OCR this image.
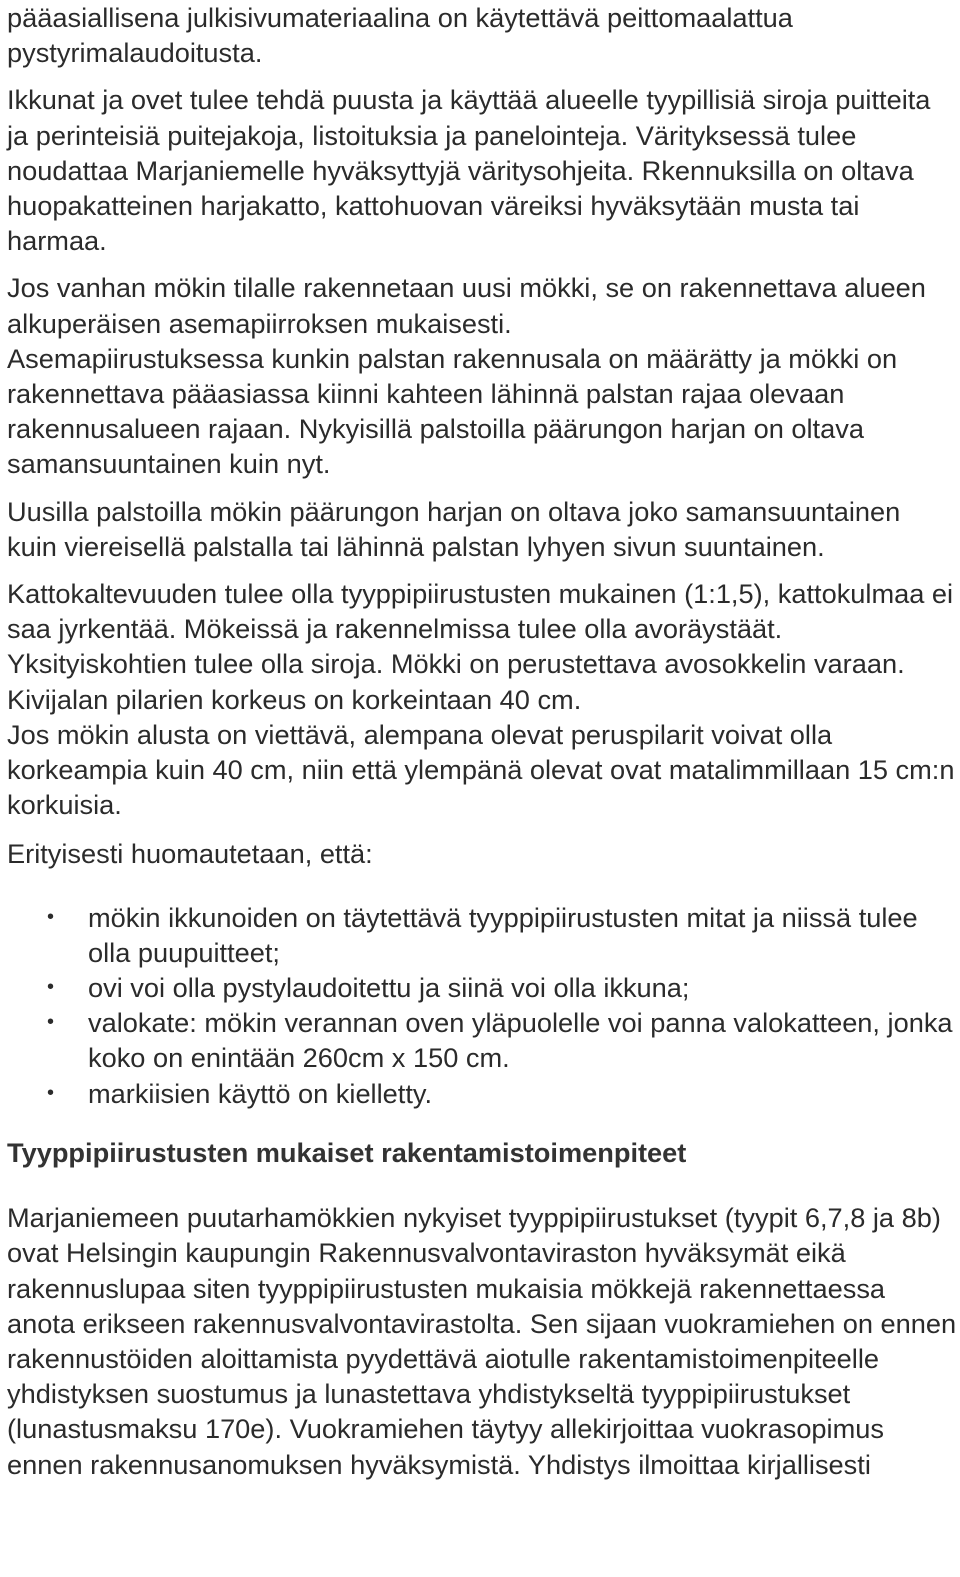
pääasiallisena julkisivumateriaalina on käytettävä peittomaalattua pystyrimalaudoitusta.

Ikkunat ja ovet tulee tehdä puusta ja käyttää alueelle tyypillisiä siroja puitteita ja perinteisiä puitejakoja, listoituksia ja panelointeja. Värityksessä tulee noudattaa Marjaniemelle hyväksyttyjä väritysohjeita. Rkennuksilla on oltava huopakatteinen harjakatto, kattohuovan väreiksi hyväksytään musta tai harmaa.

Jos vanhan mökin tilalle rakennetaan uusi mökki, se on rakennettava alueen alkuperäisen asemapiirroksen mukaisesti.

Asemapiirustuksessa kunkin palstan rakennusala on määrätty ja mökki on rakennettava pääasiassa kiinni kahteen lähinnä palstan rajaa olevaan rakennusalueen rajaan. Nykyisillä palstoilla päärungon harjan on oltava samansuuntainen kuin nyt.

Uusilla palstoilla mökin päärungon harjan on oltava joko samansuuntainen kuin viereisellä palstalla tai lähinnä palstan lyhyen sivun suuntainen.

Kattokaltevuuden tulee olla tyyppipiirustusten mukainen (1:1,5), kattokulmaa ei saa jyrkentää. Mökeissä ja rakennelmissa tulee olla avoräystäät. Yksityiskohtien tulee olla siroja. Mökki on perustettava avosokkelin varaan. Kivijalan pilarien korkeus on korkeintaan 40 cm.

Jos mökin alusta on viettävä, alempana olevat peruspilarit voivat olla korkeampia kuin 40 cm, niin että ylempänä olevat ovat matalimmillaan 15 cm:n korkuisia.

Erityisesti huomautetaan, että:

• mökin ikkunoiden on täytettävä tyyppipiirustusten mitat ja niissä tulee olla puupuitteet;
• ovi voi olla pystylaudoitettu ja siinä voi olla ikkuna;
• valokate: mökin verannan oven yläpuolelle voi panna valokatteen, jonka koko on enintään 260cm x 150 cm.
• markiisien käyttö on kielletty.
Tyyppipiirustusten mukaiset rakentamistoimenpiteet

Marjaniemeen puutarhamökkien nykyiset tyyppipiirustukset (tyypit 6,7,8 ja 8b) ovat Helsingin kaupungin Rakennusvalvontaviraston hyväksymät eikä rakennuslupaa siten tyyppipiirustusten mukaisia mökkejä rakennettaessa anota erikseen rakennusvalvontavirastolta. Sen sijaan vuokramiehen on ennen rakennustöiden aloittamista pyydettävä aiotulle rakentamistoimenpiteelle yhdistyksen suostumus ja lunastettava yhdistykseltä tyyppipiirustukset (lunastusmaksu 170e). Vuokramiehen täytyy allekirjoittaa vuokrasopimus ennen rakennusanomuksen hyväksymistä. Yhdistys ilmoittaa kirjallisesti
